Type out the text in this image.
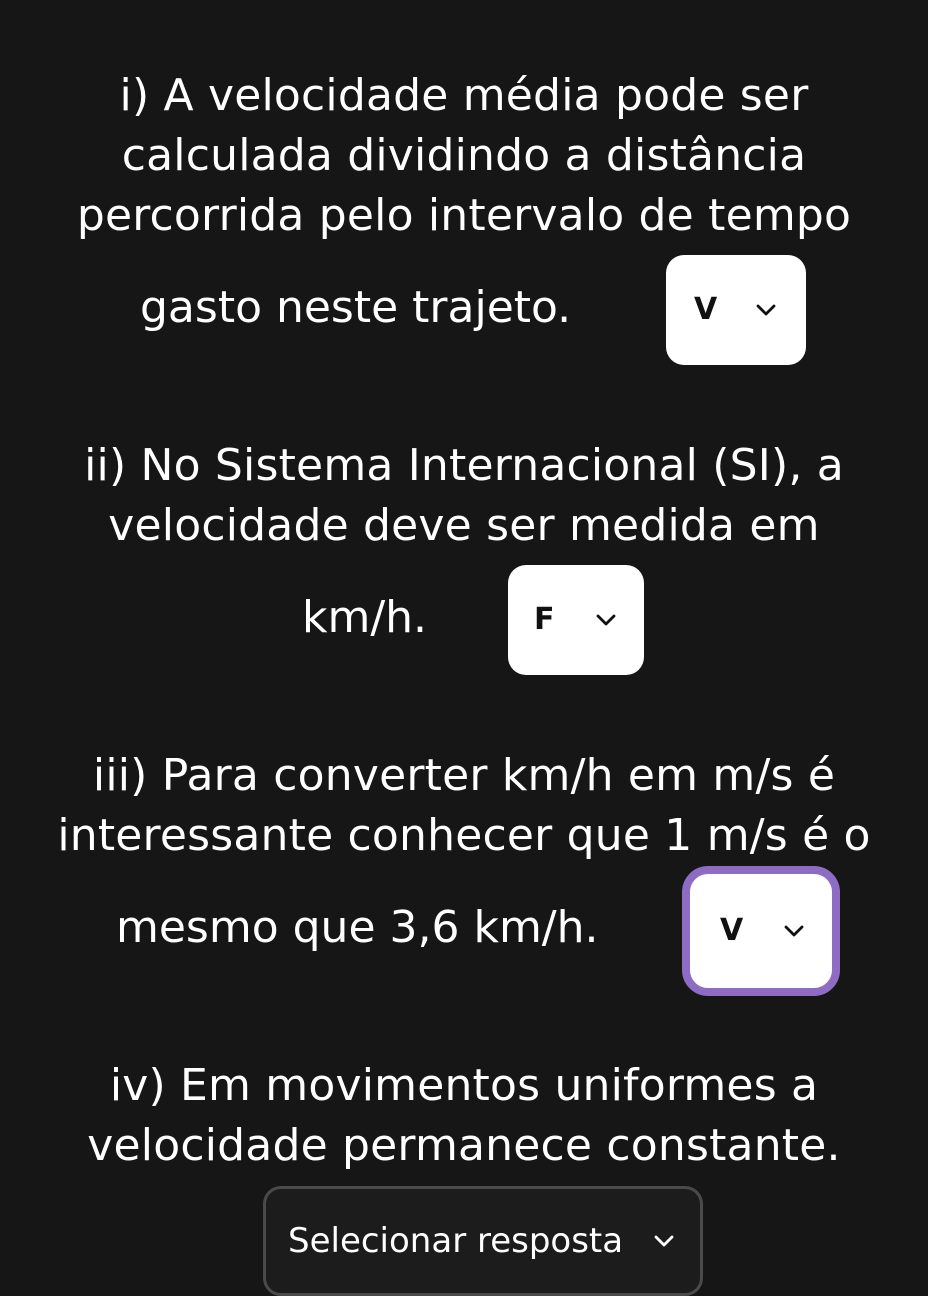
i) A velocidade média pode ser
calculada dividindo a distância
percorrida pelo intervalo de tempo
gasto neste trajeto.	V
ii) No Sistema Internacional (SI), a
velocidade deve ser medida em
km/h.	F
iii) Para converter km/h em m/s é
interessante conhecer que 1 m/s é o
mesmo que 3,6 km/h.	V
iv) Em movimentos uniformes a
velocidade permanece constante.
Selecionar resposta
